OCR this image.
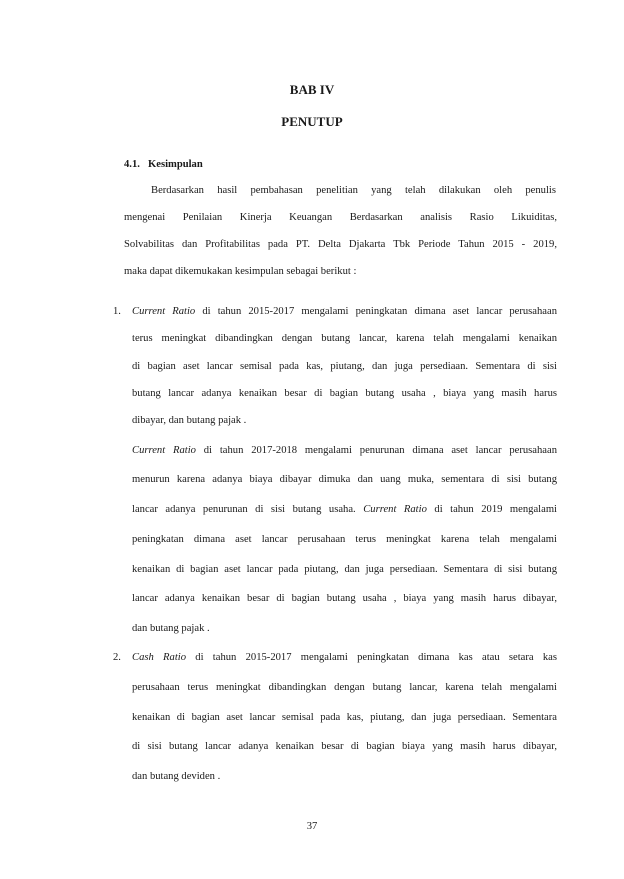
BAB IV
PENUTUP
4.1. Kesimpulan
Berdasarkan hasil pembahasan penelitian yang telah dilakukan oleh penulis
mengenai Penilaian Kinerja Keuangan Berdasarkan analisis Rasio Likuiditas,
Solvabilitas dan Profitabilitas pada PT. Delta Djakarta Tbk Periode Tahun 2015 - 2019,
maka dapat dikemukakan kesimpulan sebagai berikut :
1. Current Ratio di tahun 2015-2017 mengalami peningkatan dimana aset lancar perusahaan
terus meningkat dibandingkan dengan butang lancar, karena telah mengalami kenaikan
di bagian aset lancar semisal pada kas, piutang, dan juga persediaan. Sementara di sisi
butang lancar adanya kenaikan besar di bagian butang usaha , biaya yang masih harus
dibayar, dan butang pajak .
Current Ratio di tahun 2017-2018 mengalami penurunan dimana aset lancar perusahaan
menurun karena adanya biaya dibayar dimuka dan uang muka, sementara di sisi butang
lancar adanya penurunan di sisi butang usaha. Current Ratio di tahun 2019 mengalami
peningkatan dimana aset lancar perusahaan terus meningkat karena telah mengalami
kenaikan di bagian aset lancar pada piutang, dan juga persediaan. Sementara di sisi butang
lancar adanya kenaikan besar di bagian butang usaha , biaya yang masih harus dibayar,
dan butang pajak .
2. Cash Ratio di tahun 2015-2017 mengalami peningkatan dimana kas atau setara kas
perusahaan terus meningkat dibandingkan dengan butang lancar, karena telah mengalami
kenaikan di bagian aset lancar semisal pada kas, piutang, dan juga persediaan. Sementara
di sisi butang lancar adanya kenaikan besar di bagian biaya yang masih harus dibayar,
dan butang deviden .
37
